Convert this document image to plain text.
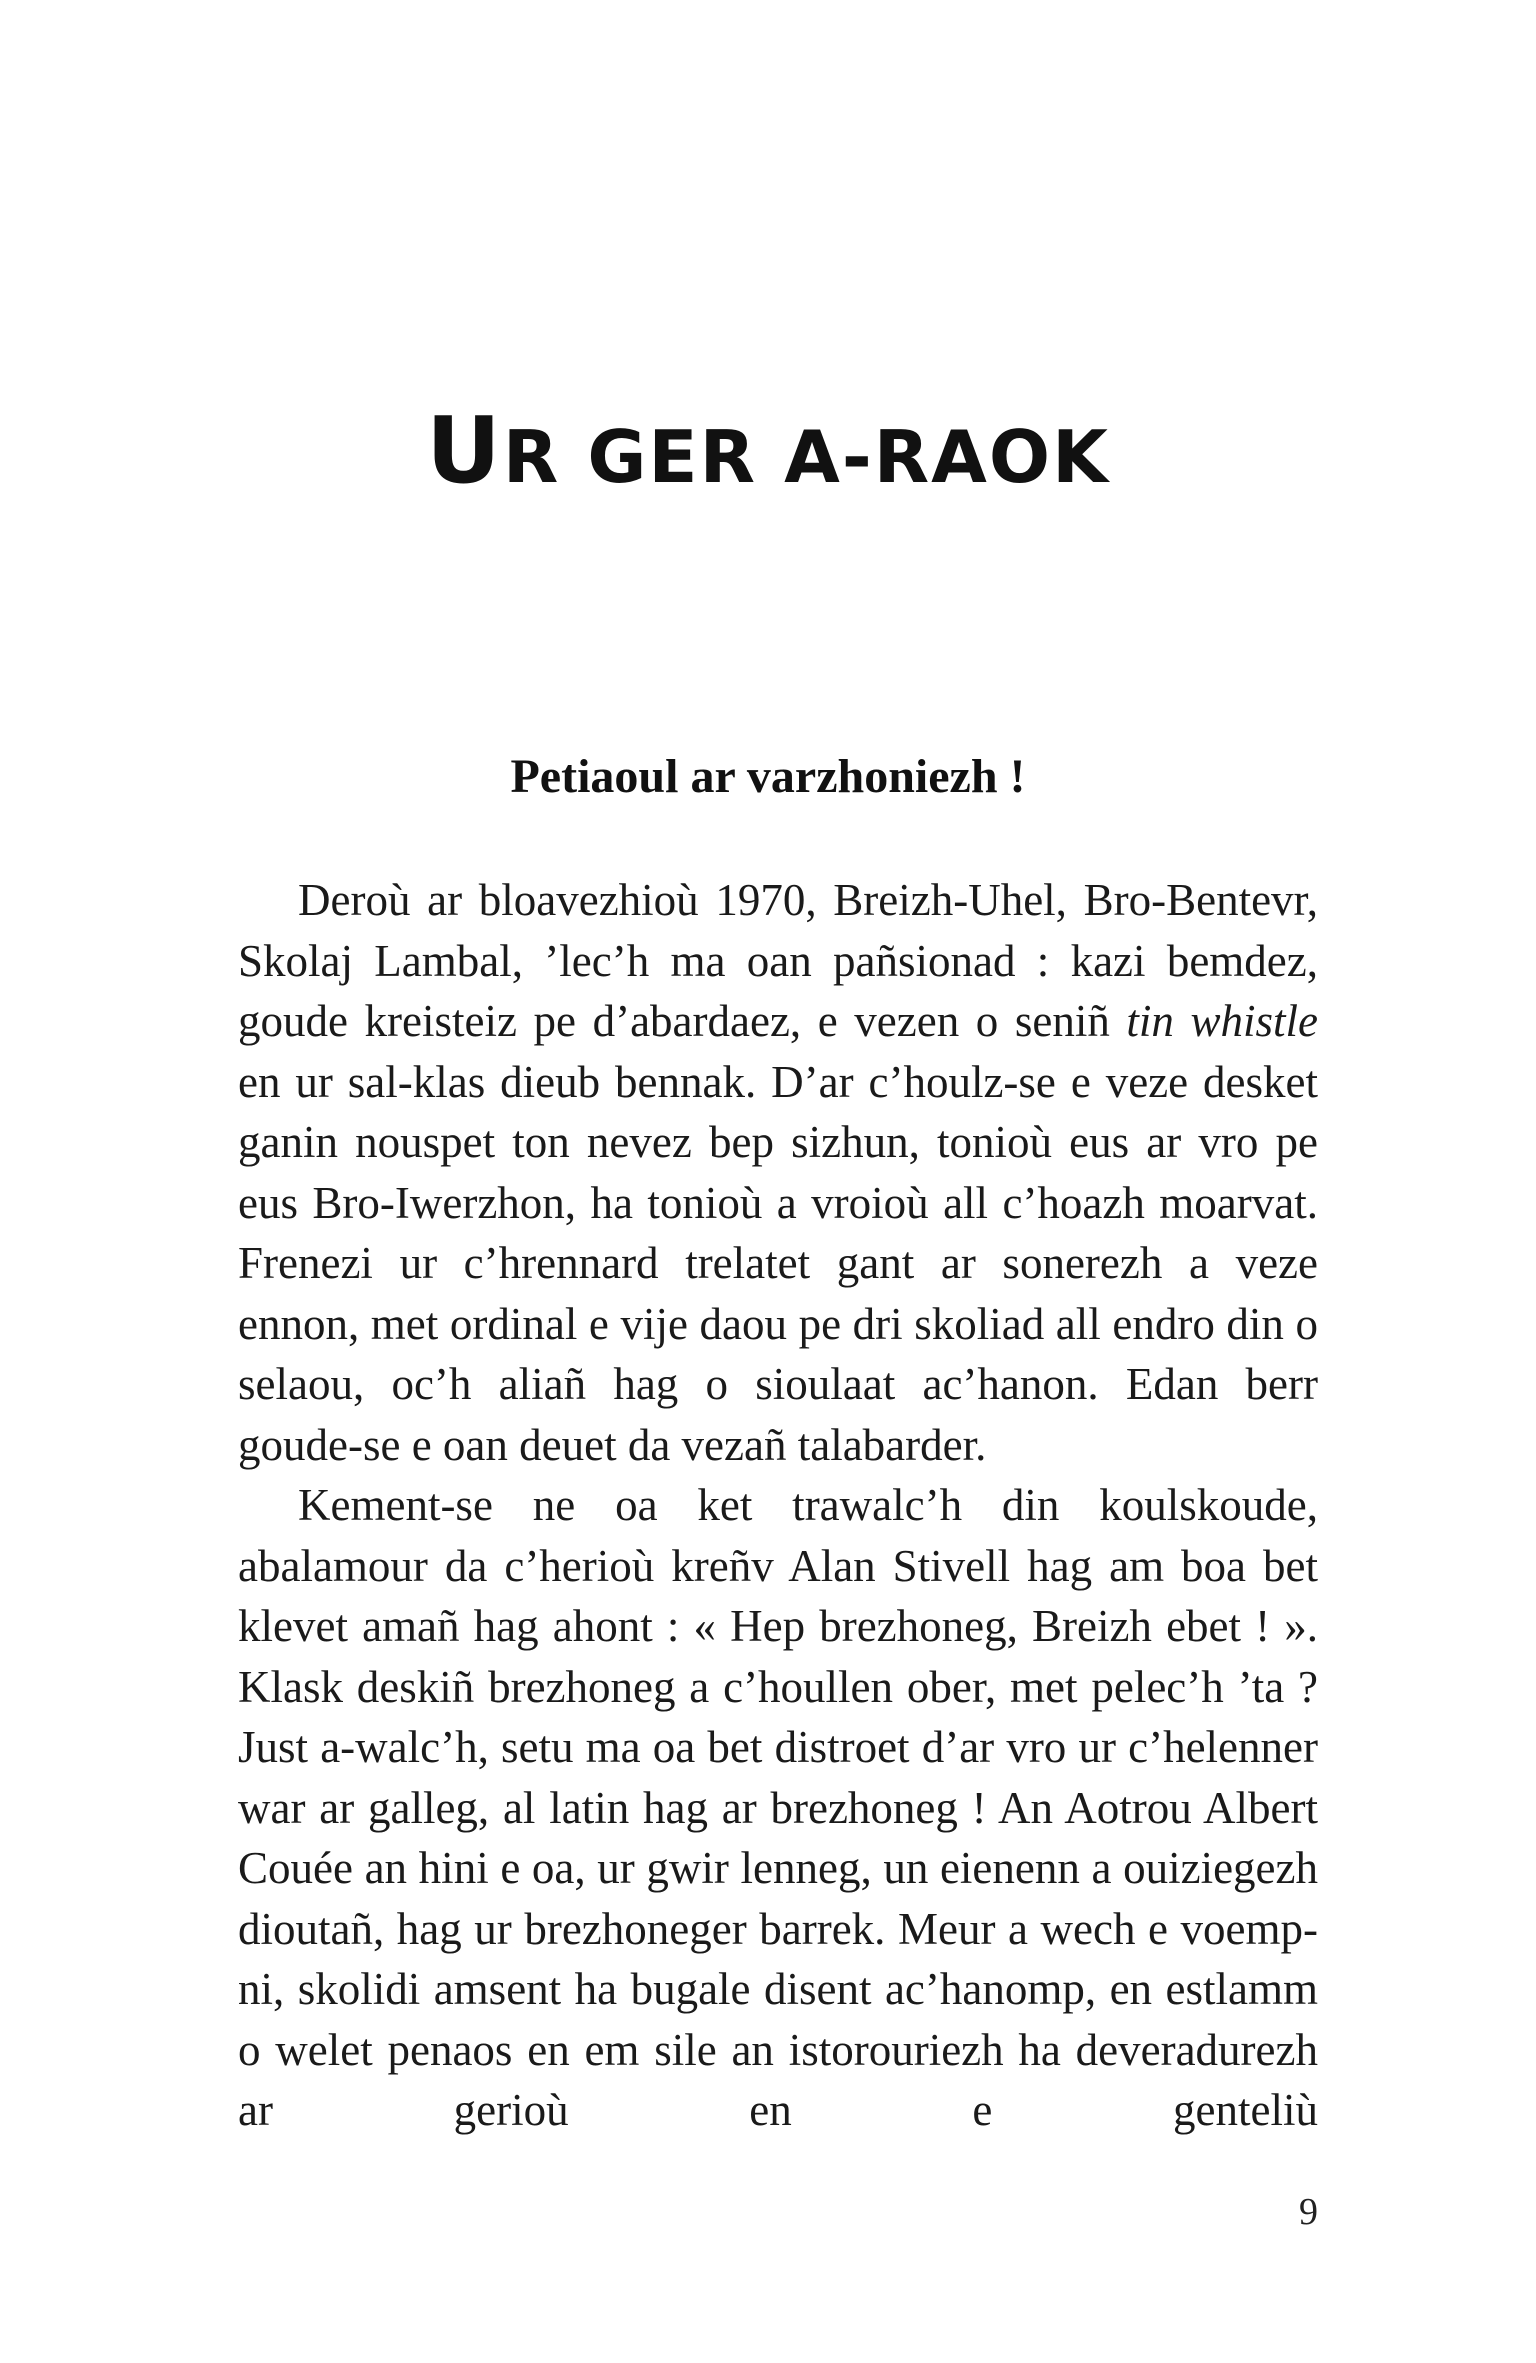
UR GER A-RAOK
Petiaoul ar varzhoniezh !

Deroù ar bloavezhioù 1970, Breizh-Uhel, Bro-Bentevr, Skolaj Lambal, ’lec’h ma oan pañsionad : kazi bemdez, goude kreisteiz pe d’abardaez, e vezen o seniñ tin whistle en ur sal-klas dieub bennak. D’ar c’houlz-se e veze desket ganin nouspet ton nevez bep sizhun, tonioù eus ar vro pe eus Bro-Iwerzhon, ha tonioù a vroioù all c’hoazh moarvat. Frenezi ur c’hrennard trelatet gant ar sonerezh a veze ennon, met ordinal e vije daou pe dri skoliad all endro din o selaou, oc’h aliañ hag o sioulaat ac’hanon. Edan berr goude-se e oan deuet da vezañ talabarder.

Kement-se ne oa ket trawalc’h din koulskoude, abalamour da c’herioù kreñv Alan Stivell hag am boa bet klevet amañ hag ahont : « Hep brezhoneg, Breizh ebet ! ». Klask deskiñ brezhoneg a c’houllen ober, met pelec’h ’ta ? Just a-walc’h, setu ma oa bet distroet d’ar vro ur c’helenner war ar galleg, al latin hag ar brezhoneg ! An Aotrou Albert Couée an hini e oa, ur gwir lenneg, un eienenn a ouiziegezh dioutañ, hag ur brezhoneger barrek. Meur a wech e voemp-ni, skolidi amsent ha bugale disent ac’hanomp, en estlamm o welet penaos en em sile an istorouriezh ha deveradurezh ar gerioù en e genteliù

9
